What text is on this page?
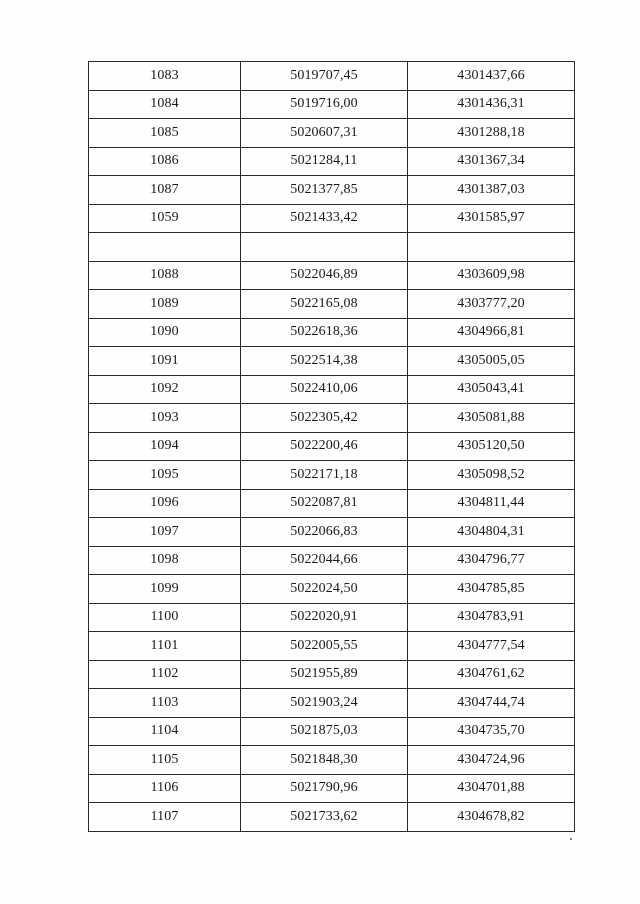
1083	5019707,45	4301437,66
1084	5019716,00	4301436,31
1085	5020607,31	4301288,18
1086	5021284,11	4301367,34
1087	5021377,85	4301387,03
1059	5021433,42	4301585,97

1088	5022046,89	4303609,98
1089	5022165,08	4303777,20
1090	5022618,36	4304966,81
1091	5022514,38	4305005,05
1092	5022410,06	4305043,41
1093	5022305,42	4305081,88
1094	5022200,46	4305120,50
1095	5022171,18	4305098,52
1096	5022087,81	4304811,44
1097	5022066,83	4304804,31
1098	5022044,66	4304796,77
1099	5022024,50	4304785,85
1100	5022020,91	4304783,91
1101	5022005,55	4304777,54
1102	5021955,89	4304761,62
1103	5021903,24	4304744,74
1104	5021875,03	4304735,70
1105	5021848,30	4304724,96
1106	5021790,96	4304701,88
1107	5021733,62	4304678,82
